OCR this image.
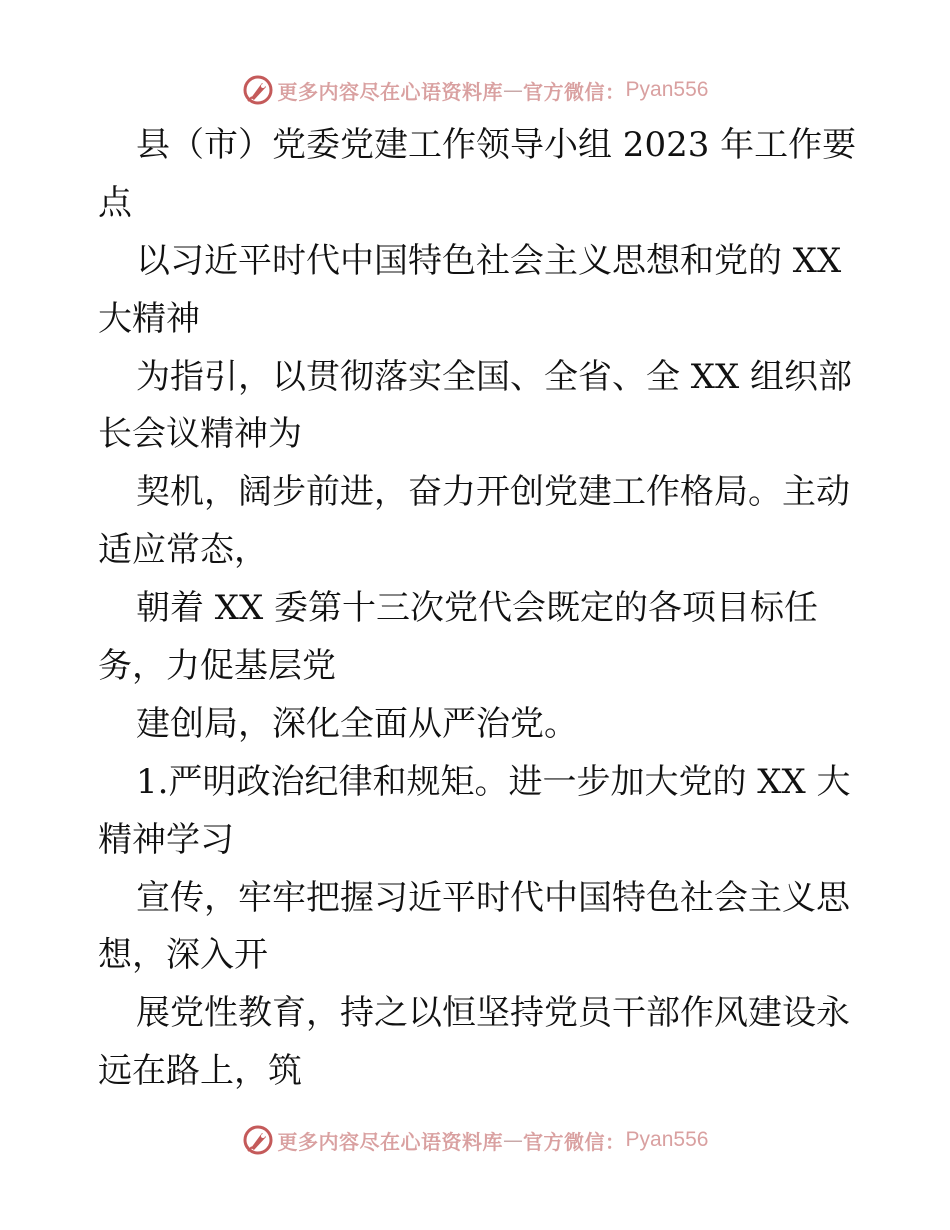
更多内容尽在心语资料库 — 官方微信： Pyan556
县（市）党委党建工作领导小组 2023 年工作要
点
以习近平时代中国特色社会主义思想和党的 XX
大精神
为指引，以贯彻落实全国、全省、全 XX 组织部
长会议精神为
契机，阔步前进，奋力开创党建工作格局。主动
适应常态，
朝着 XX 委第十三次党代会既定的各项目标任
务，力促基层党
建创局，深化全面从严治党。
1.严明政治纪律和规矩。进一步加大党的 XX 大
精神学习
宣传，牢牢把握习近平时代中国特色社会主义思
想，深入开
展党性教育，持之以恒坚持党员干部作风建设永
远在路上，筑
更多内容尽在心语资料库 — 官方微信： Pyan556
